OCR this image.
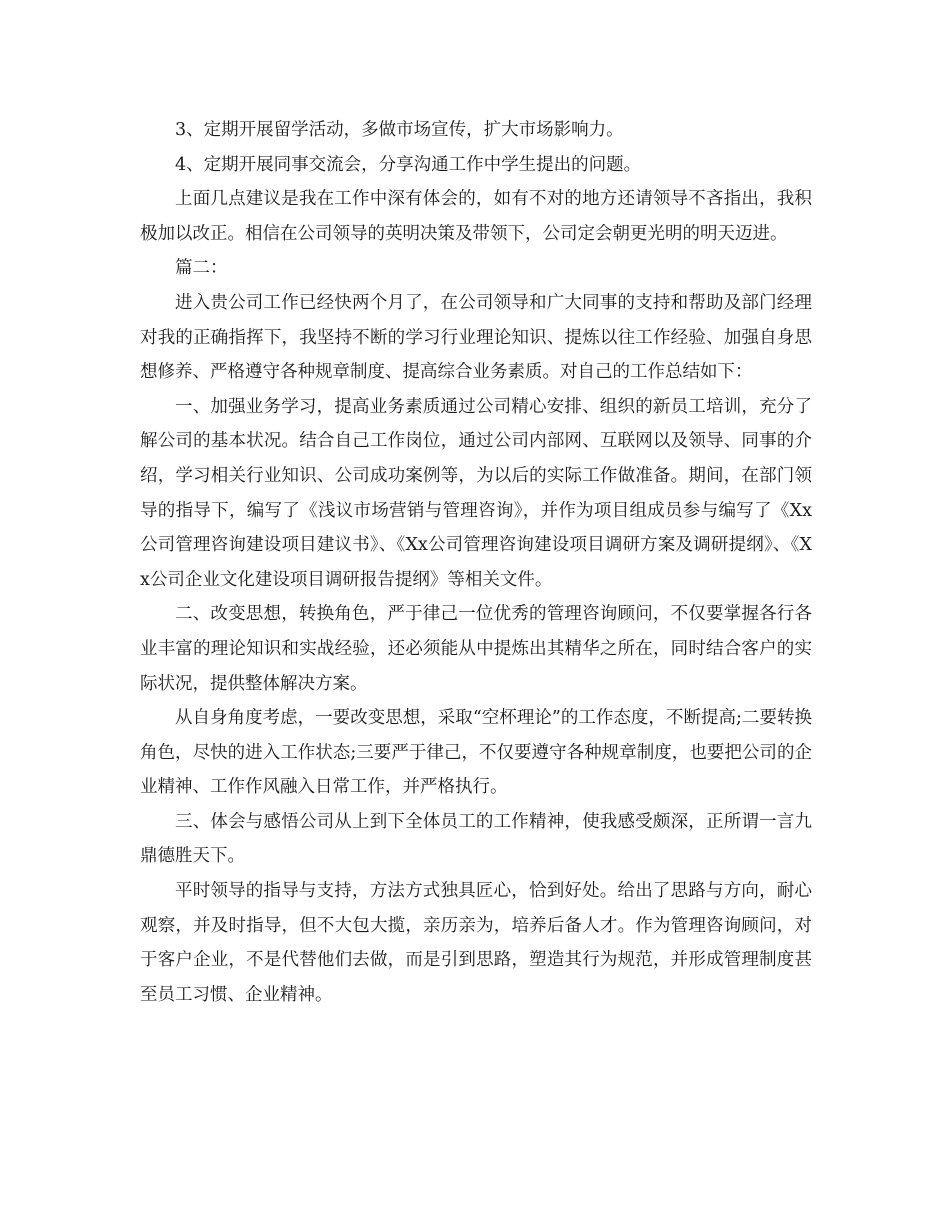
3、定期开展留学活动，多做市场宣传，扩大市场影响力。

4、定期开展同事交流会，分享沟通工作中学生提出的问题。

上面几点建议是我在工作中深有体会的，如有不对的地方还请领导不吝指出，我积极加以改正。相信在公司领导的英明决策及带领下，公司定会朝更光明的明天迈进。

篇二：

进入贵公司工作已经快两个月了，在公司领导和广大同事的支持和帮助及部门经理对我的正确指挥下，我坚持不断的学习行业理论知识、提炼以往工作经验、加强自身思想修养、严格遵守各种规章制度、提高综合业务素质。对自己的工作总结如下：

一、加强业务学习，提高业务素质通过公司精心安排、组织的新员工培训，充分了解公司的基本状况。结合自己工作岗位，通过公司内部网、互联网以及领导、同事的介绍，学习相关行业知识、公司成功案例等，为以后的实际工作做准备。期间，在部门领导的指导下，编写了《浅议市场营销与管理咨询》，并作为项目组成员参与编写了《Xx公司管理咨询建设项目建议书》、《Xx公司管理咨询建设项目调研方案及调研提纲》、《Xx公司企业文化建设项目调研报告提纲》等相关文件。

二、改变思想，转换角色，严于律己一位优秀的管理咨询顾问，不仅要掌握各行各业丰富的理论知识和实战经验，还必须能从中提炼出其精华之所在，同时结合客户的实际状况，提供整体解决方案。

从自身角度考虑，一要改变思想，采取“空杯理论”的工作态度，不断提高;二要转换角色，尽快的进入工作状态;三要严于律己，不仅要遵守各种规章制度，也要把公司的企业精神、工作作风融入日常工作，并严格执行。

三、体会与感悟公司从上到下全体员工的工作精神，使我感受颇深，正所谓一言九鼎德胜天下。

平时领导的指导与支持，方法方式独具匠心，恰到好处。给出了思路与方向，耐心观察，并及时指导，但不大包大揽，亲历亲为，培养后备人才。作为管理咨询顾问，对于客户企业，不是代替他们去做，而是引到思路，塑造其行为规范，并形成管理制度甚至员工习惯、企业精神。
